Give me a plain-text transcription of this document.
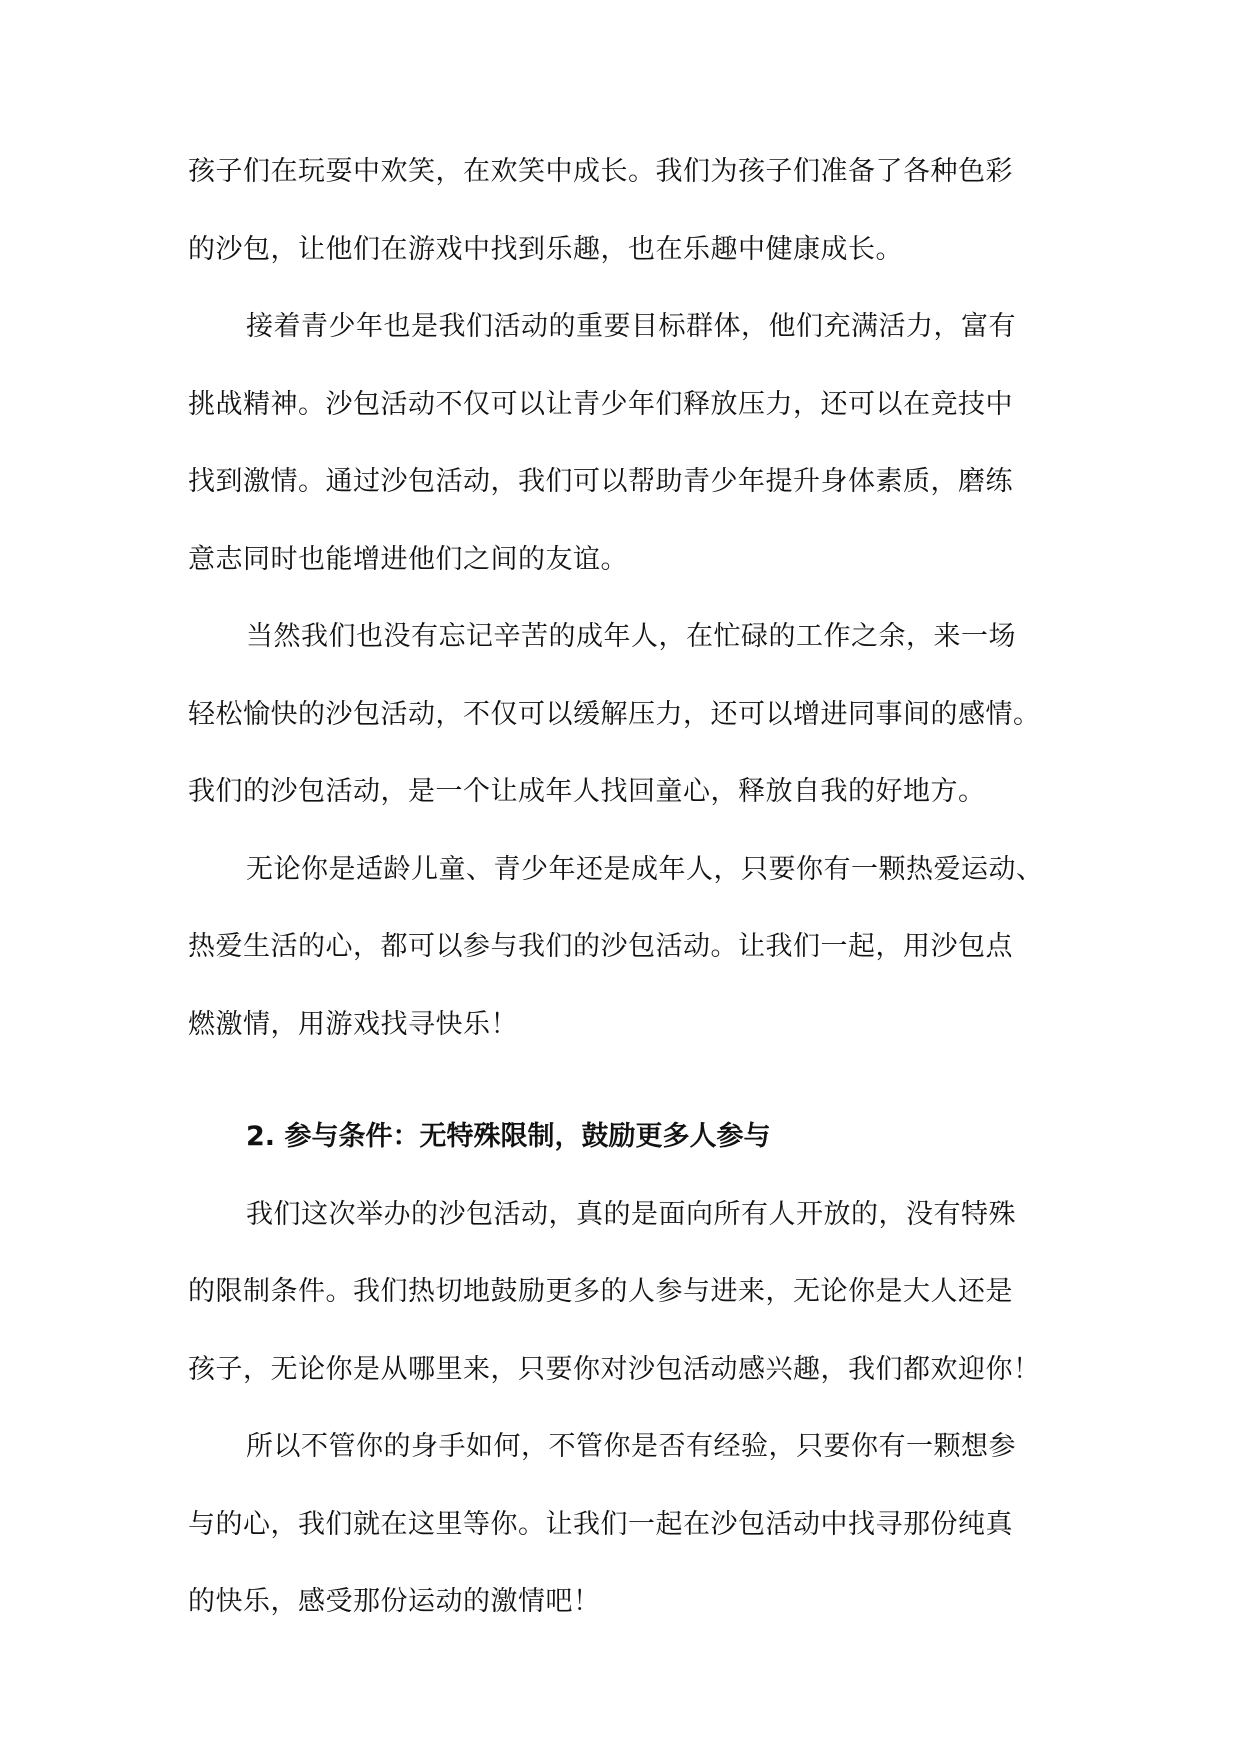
孩子们在玩耍中欢笑，在欢笑中成长。我们为孩子们准备了各种色彩
的沙包，让他们在游戏中找到乐趣，也在乐趣中健康成长。
接着青少年也是我们活动的重要目标群体，他们充满活力，富有
挑战精神。沙包活动不仅可以让青少年们释放压力，还可以在竞技中
找到激情。通过沙包活动，我们可以帮助青少年提升身体素质，磨练
意志同时也能增进他们之间的友谊。
当然我们也没有忘记辛苦的成年人，在忙碌的工作之余，来一场
轻松愉快的沙包活动，不仅可以缓解压力，还可以增进同事间的感情。
我们的沙包活动，是一个让成年人找回童心，释放自我的好地方。
无论你是适龄儿童、青少年还是成年人，只要你有一颗热爱运动、
热爱生活的心，都可以参与我们的沙包活动。让我们一起，用沙包点
燃激情，用游戏找寻快乐！
2. 参与条件：无特殊限制，鼓励更多人参与
我们这次举办的沙包活动，真的是面向所有人开放的，没有特殊
的限制条件。我们热切地鼓励更多的人参与进来，无论你是大人还是
孩子，无论你是从哪里来，只要你对沙包活动感兴趣，我们都欢迎你！
所以不管你的身手如何，不管你是否有经验，只要你有一颗想参
与的心，我们就在这里等你。让我们一起在沙包活动中找寻那份纯真
的快乐，感受那份运动的激情吧！
